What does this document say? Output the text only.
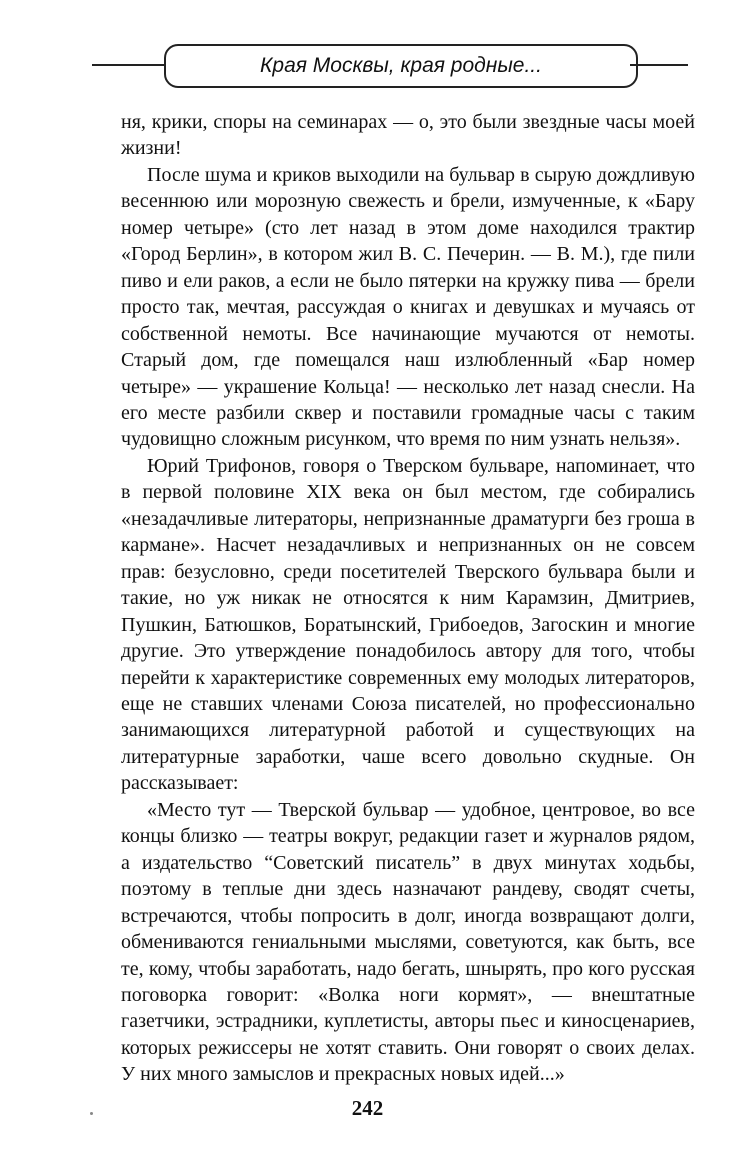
Края Москвы, края родные...

ня, крики, споры на семинарах — о, это были звездные часы моей жизни!

После шума и криков выходили на бульвар в сырую дождливую весеннюю или морозную свежесть и брели, измученные, к «Бару номер четыре» (сто лет назад в этом доме находился трактир «Город Берлин», в котором жил В. С. Печерин. — В. М.), где пили пиво и ели раков, а если не было пятерки на кружку пива — брели просто так, мечтая, рассуждая о книгах и девушках и мучаясь от собственной немоты. Все начинающие мучаются от немоты. Старый дом, где помещался наш излюбленный «Бар номер четыре» — украшение Кольца! — несколько лет назад снесли. На его месте разбили сквер и поставили громадные часы с таким чудовищно сложным рисунком, что время по ним узнать нельзя».

Юрий Трифонов, говоря о Тверском бульваре, напоминает, что в первой половине XIX века он был местом, где собирались «незадачливые литераторы, непризнанные драматурги без гроша в кармане». Насчет незадачливых и непризнанных он не совсем прав: безусловно, среди посетителей Тверского бульвара были и такие, но уж никак не относятся к ним Карамзин, Дмитриев, Пушкин, Батюшков, Боратынский, Грибоедов, Загоскин и многие другие. Это утверждение понадобилось автору для того, чтобы перейти к характеристике современных ему молодых литераторов, еще не ставших членами Союза писателей, но профессионально занимающихся литературной работой и существующих на литературные заработки, чаше всего довольно скудные. Он рассказывает:

«Место тут — Тверской бульвар — удобное, центровое, во все концы близко — театры вокруг, редакции газет и журналов рядом, а издательство “Советский писатель” в двух минутах ходьбы, поэтому в теплые дни здесь назначают рандеву, сводят счеты, встречаются, чтобы попросить в долг, иногда возвращают долги, обмениваются гениальными мыслями, советуются, как быть, все те, кому, чтобы заработать, надо бегать, шнырять, про кого русская поговорка говорит: «Волка ноги кормят», — внештатные газетчики, эстрадники, куплетисты, авторы пьес и киносценариев, которых режиссеры не хотят ставить. Они говорят о своих делах. У них много замыслов и прекрасных новых идей...»

242
